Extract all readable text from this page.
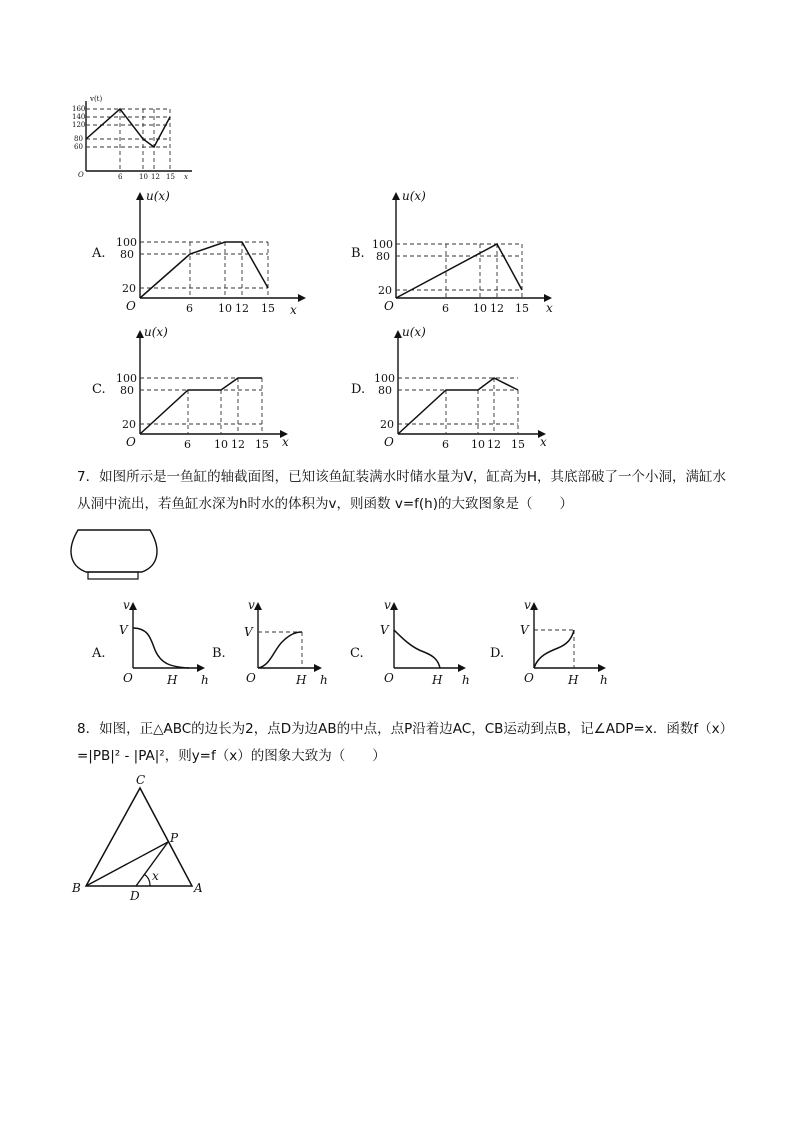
v(t)
160
140
120
80
60
6 10 12 15
O	x
A.
u(x)
100
80
20
O	6 10 12 15 x
B.
u(x)
100
80
20
O	6 10 12 15 x
C.
u(x)
100
80
20
O	6 10 12 15 x
D.
u(x)
100
80
20
O	6 10 12 15 x
7．如图所示是一鱼缸的轴截面图，已知该鱼缸装满水时储水量为V，缸高为H，其底部破了一个小洞，满缸水从洞中流出，若鱼缸水深为h时水的体积为v，则函数 v=f(h)的大致图象是（　　）
A.
v
V
O	H h
B.
v
V
O	H h
C.
v
V
O	H h
D.
v
V
O	H h
8．如图，正△ABC的边长为2，点D为边AB的中点，点P沿着边AC，CB运动到点B，记∠ADP=x．函数f（x）=|PB|² - |PA|²，则y=f（x）的图象大致为（　　）
C
P
B
D
A
x
